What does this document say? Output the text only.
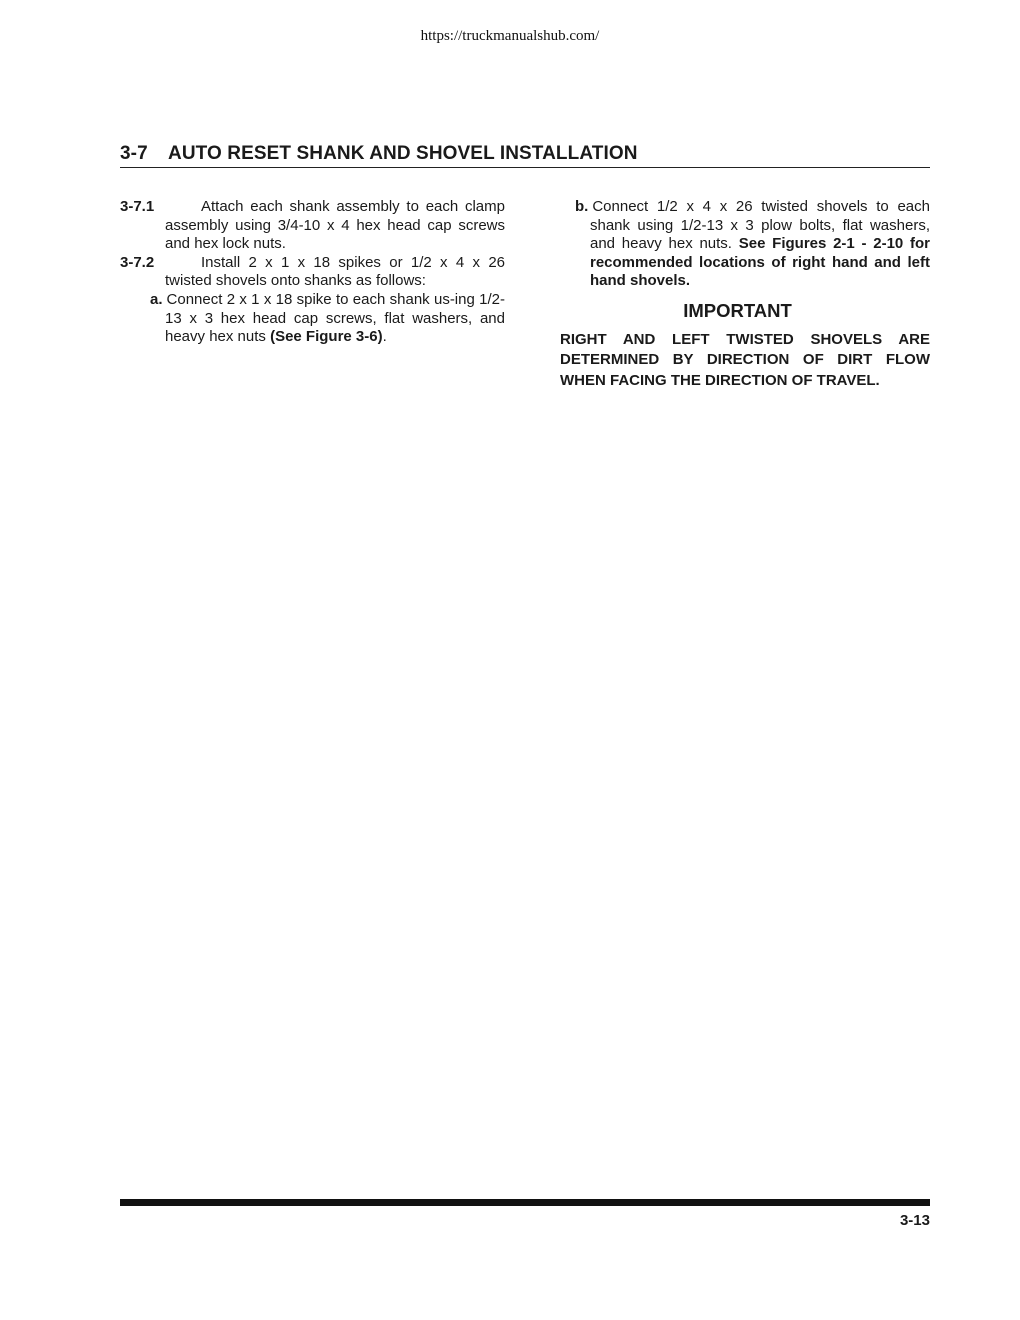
https://truckmanualshub.com/
3-7 AUTO RESET SHANK AND SHOVEL INSTALLATION
3-7.1	Attach each shank assembly to each clamp assembly using 3/4-10 x 4 hex head cap screws and hex lock nuts.
3-7.2	Install 2 x 1 x 18 spikes or 1/2 x 4 x 26 twisted shovels onto shanks as follows:
a. Connect 2 x 1 x 18 spike to each shank us-ing 1/2-13 x 3 hex head cap screws, flat washers, and heavy hex nuts (See Figure 3-6).
b. Connect 1/2 x 4 x 26 twisted shovels to each shank using 1/2-13 x 3 plow bolts, flat washers, and heavy hex nuts. See Figures 2-1 - 2-10 for recommended locations of right hand and left hand shovels.
IMPORTANT
RIGHT AND LEFT TWISTED SHOVELS ARE DETERMINED BY DIRECTION OF DIRT FLOW WHEN FACING THE DIRECTION OF TRAVEL.
3-13
